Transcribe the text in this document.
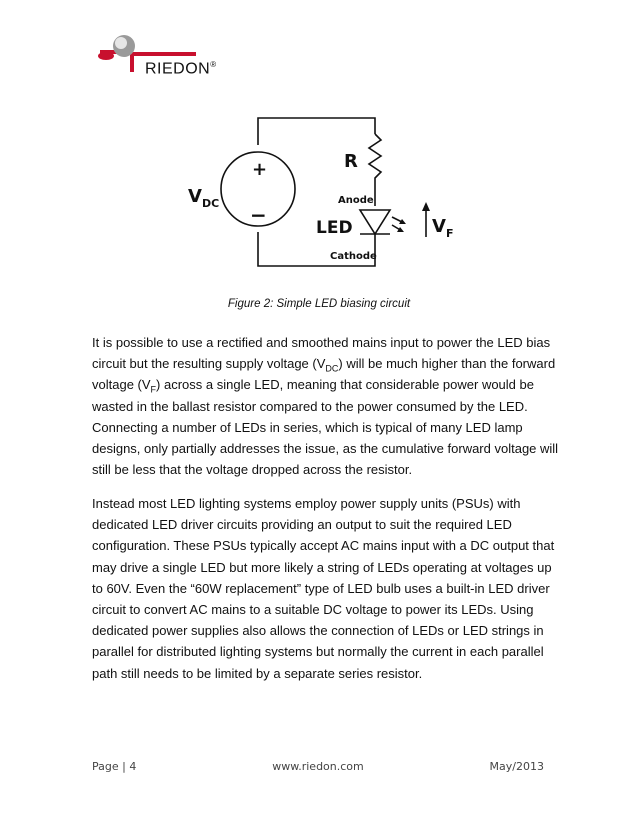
RIEDON®
+
−
$V_{DC}$
R
Anode
LED
Cathode
$V_F$
Figure 2: Simple LED biasing circuit

It is possible to use a rectified and smoothed mains input to power the LED bias circuit but the resulting supply voltage $(V_{DC})$ will be much higher than the forward voltage $(V_F)$ across a single LED, meaning that considerable power would be wasted in the ballast resistor compared to the power consumed by the LED. Connecting a number of LEDs in series, which is typical of many LED lamp designs, only partially addresses the issue, as the cumulative forward voltage will still be less that the voltage dropped across the resistor.

Instead most LED lighting systems employ power supply units (PSUs) with dedicated LED driver circuits providing an output to suit the required LED configuration. These PSUs typically accept AC mains input with a DC output that may drive a single LED but more likely a string of LEDs operating at voltages up to 60V. Even the “60W replacement” type of LED bulb uses a built-in LED driver circuit to convert AC mains to a suitable DC voltage to power its LEDs. Using dedicated power supplies also allows the connection of LEDs or LED strings in parallel for distributed lighting systems but normally the current in each parallel path still needs to be limited by a separate series resistor.

Page | 4	www.riedon.com	May/2013
